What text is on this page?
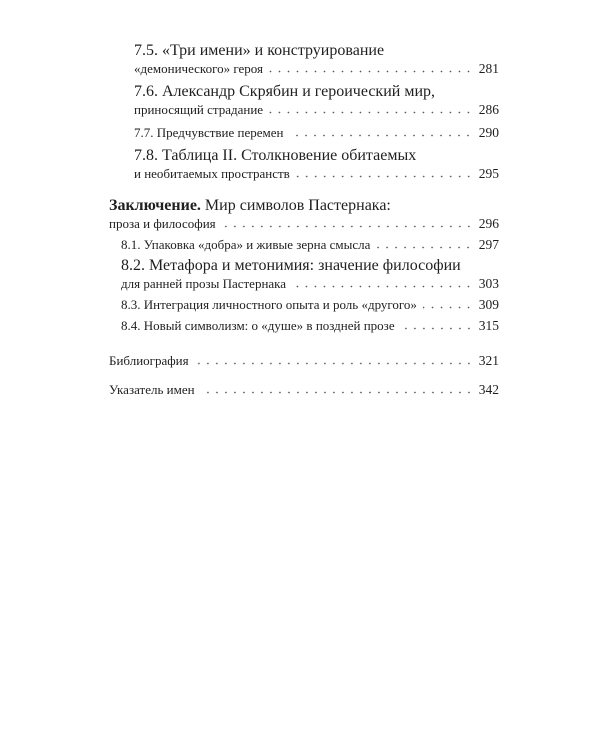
7.5. «Три имени» и конструирование
«демонического» героя	281
7.6. Александр Скрябин и героический мир,
приносящий страдание	286
7.7. Предчувствие перемен	290
7.8. Таблица II. Столкновение обитаемых
и необитаемых пространств	295
Заключение. Мир символов Пастернака:
проза и философия	296
8.1. Упаковка «добра» и живые зерна смысла	297
8.2. Метафора и метонимия: значение философии
для ранней прозы Пастернака	303
8.3. Интеграция личностного опыта и роль «другого»	309
8.4. Новый символизм: о «душе» в поздней прозе	315
Библиография	321
Указатель имен	342
